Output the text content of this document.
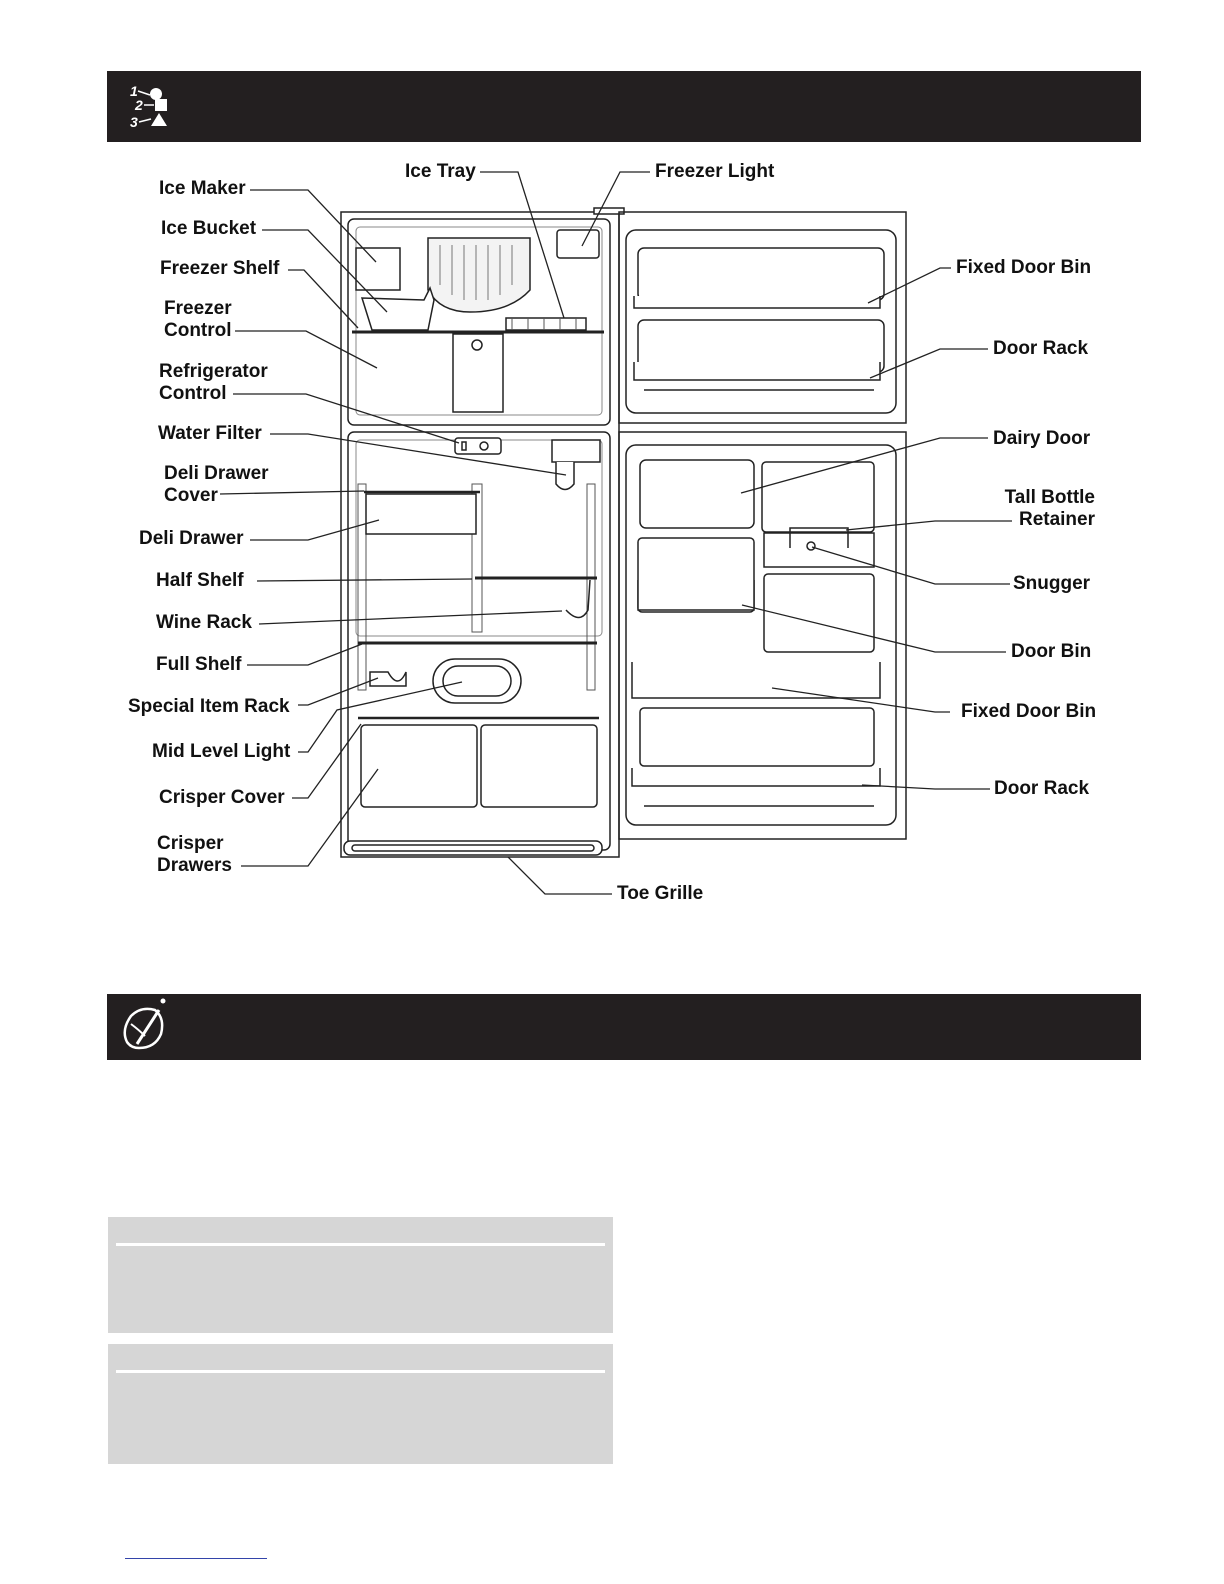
1
2
3
Ice Maker
Ice Bucket
Freezer Shelf
Freezer
Control
Refrigerator
Control
Water Filter
Deli Drawer
Cover
Deli Drawer
Half Shelf
Wine Rack
Full Shelf
Special Item Rack
Mid Level Light
Crisper Cover
Crisper
Drawers
Ice Tray	Freezer Light
Fixed Door Bin
Door Rack
Dairy Door
Tall Bottle
Retainer
Snugger
Door Bin
Fixed Door Bin
Door Rack
Toe Grille
